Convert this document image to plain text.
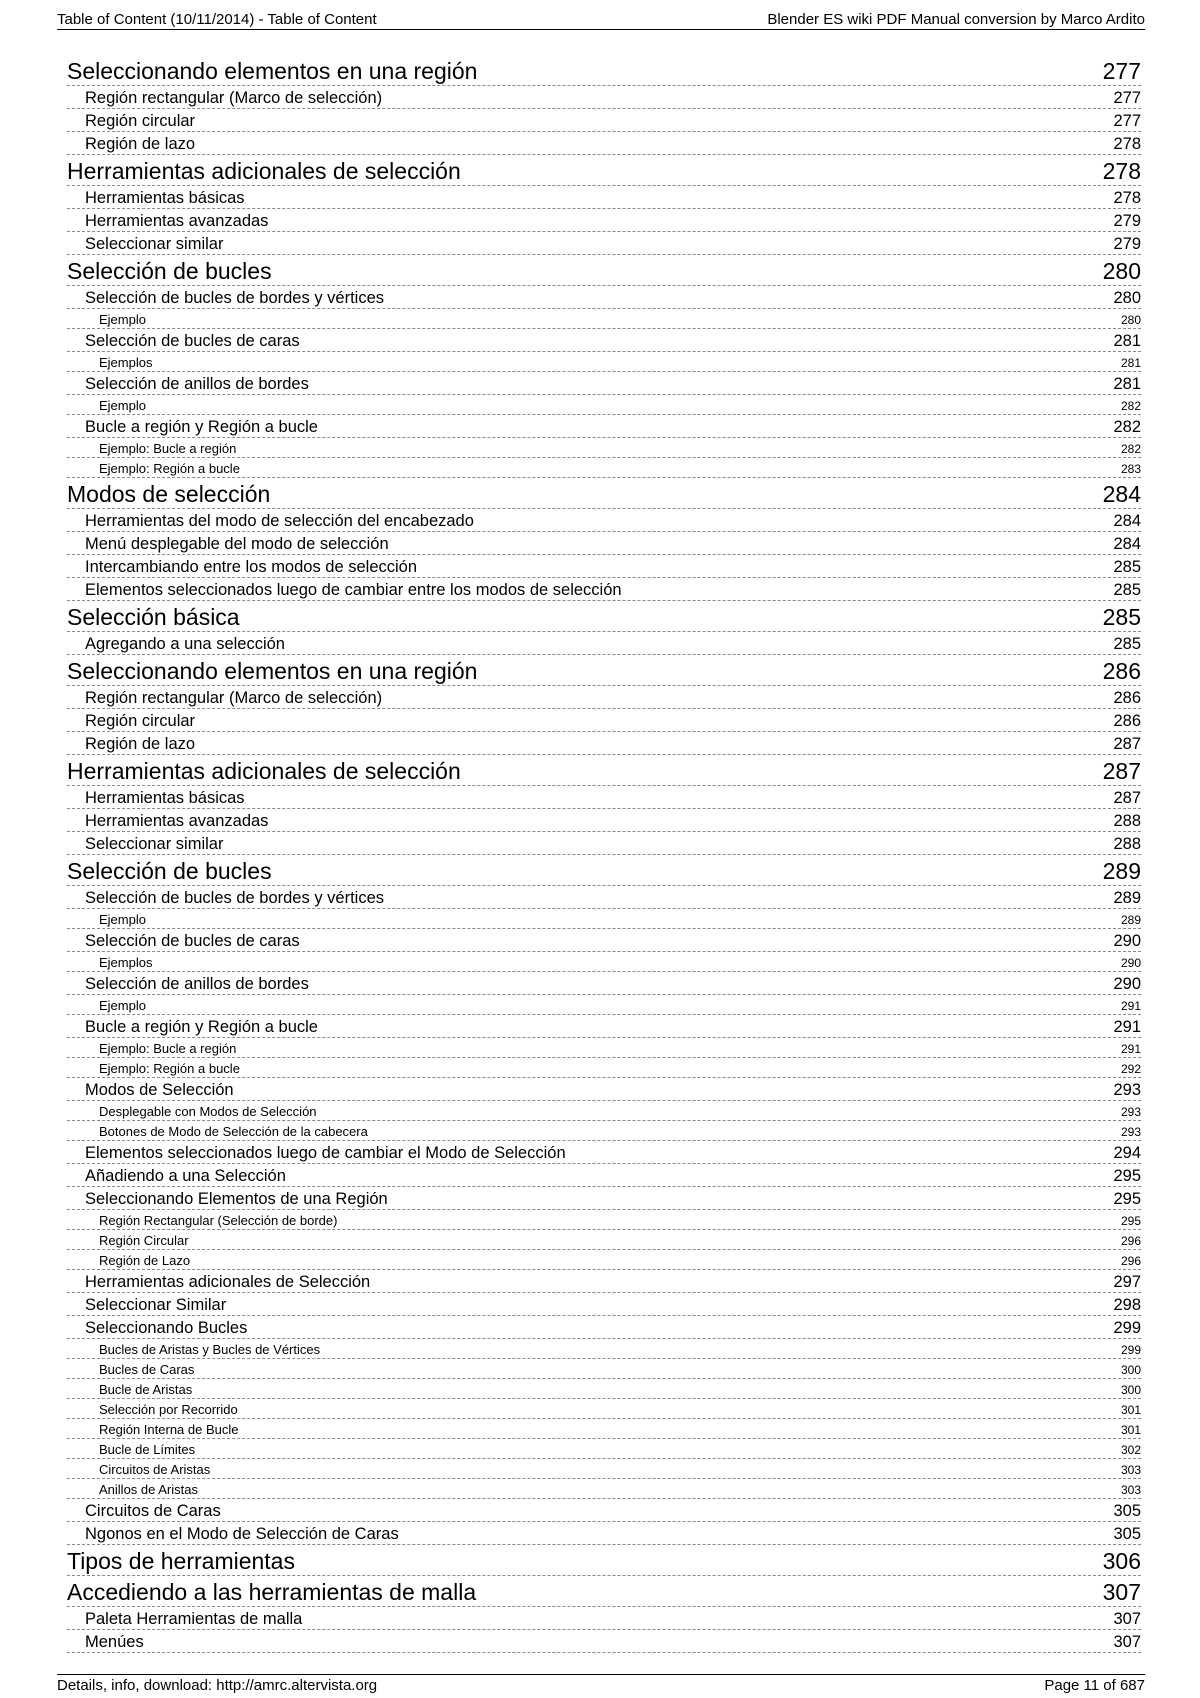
Table of Content (10/11/2014) - Table of Content	Blender ES wiki PDF Manual conversion by Marco Ardito
Seleccionando elementos en una región	277
Región rectangular (Marco de selección)	277
Región circular	277
Región de lazo	278
Herramientas adicionales de selección	278
Herramientas básicas	278
Herramientas avanzadas	279
Seleccionar similar	279
Selección de bucles	280
Selección de bucles de bordes y vértices	280
Ejemplo	280
Selección de bucles de caras	281
Ejemplos	281
Selección de anillos de bordes	281
Ejemplo	282
Bucle a región y Región a bucle	282
Ejemplo: Bucle a región	282
Ejemplo: Región a bucle	283
Modos de selección	284
Herramientas del modo de selección del encabezado	284
Menú desplegable del modo de selección	284
Intercambiando entre los modos de selección	285
Elementos seleccionados luego de cambiar entre los modos de selección	285
Selección básica	285
Agregando a una selección	285
Seleccionando elementos en una región	286
Región rectangular (Marco de selección)	286
Región circular	286
Región de lazo	287
Herramientas adicionales de selección	287
Herramientas básicas	287
Herramientas avanzadas	288
Seleccionar similar	288
Selección de bucles	289
Selección de bucles de bordes y vértices	289
Ejemplo	289
Selección de bucles de caras	290
Ejemplos	290
Selección de anillos de bordes	290
Ejemplo	291
Bucle a región y Región a bucle	291
Ejemplo: Bucle a región	291
Ejemplo: Región a bucle	292
Modos de Selección	293
Desplegable con Modos de Selección	293
Botones de Modo de Selección de la cabecera	293
Elementos seleccionados luego de cambiar el Modo de Selección	294
Añadiendo a una Selección	295
Seleccionando Elementos de una Región	295
Región Rectangular (Selección de borde)	295
Región Circular	296
Región de Lazo	296
Herramientas adicionales de Selección	297
Seleccionar Similar	298
Seleccionando Bucles	299
Bucles de Aristas y Bucles de Vértices	299
Bucles de Caras	300
Bucle de Aristas	300
Selección por Recorrido	301
Región Interna de Bucle	301
Bucle de Límites	302
Circuitos de Aristas	303
Anillos de Aristas	303
Circuitos de Caras	305
Ngonos en el Modo de Selección de Caras	305
Tipos de herramientas	306
Accediendo a las herramientas de malla	307
Paleta Herramientas de malla	307
Menúes	307
Details, info, download: http://amrc.altervista.org	Page 11 of 687
